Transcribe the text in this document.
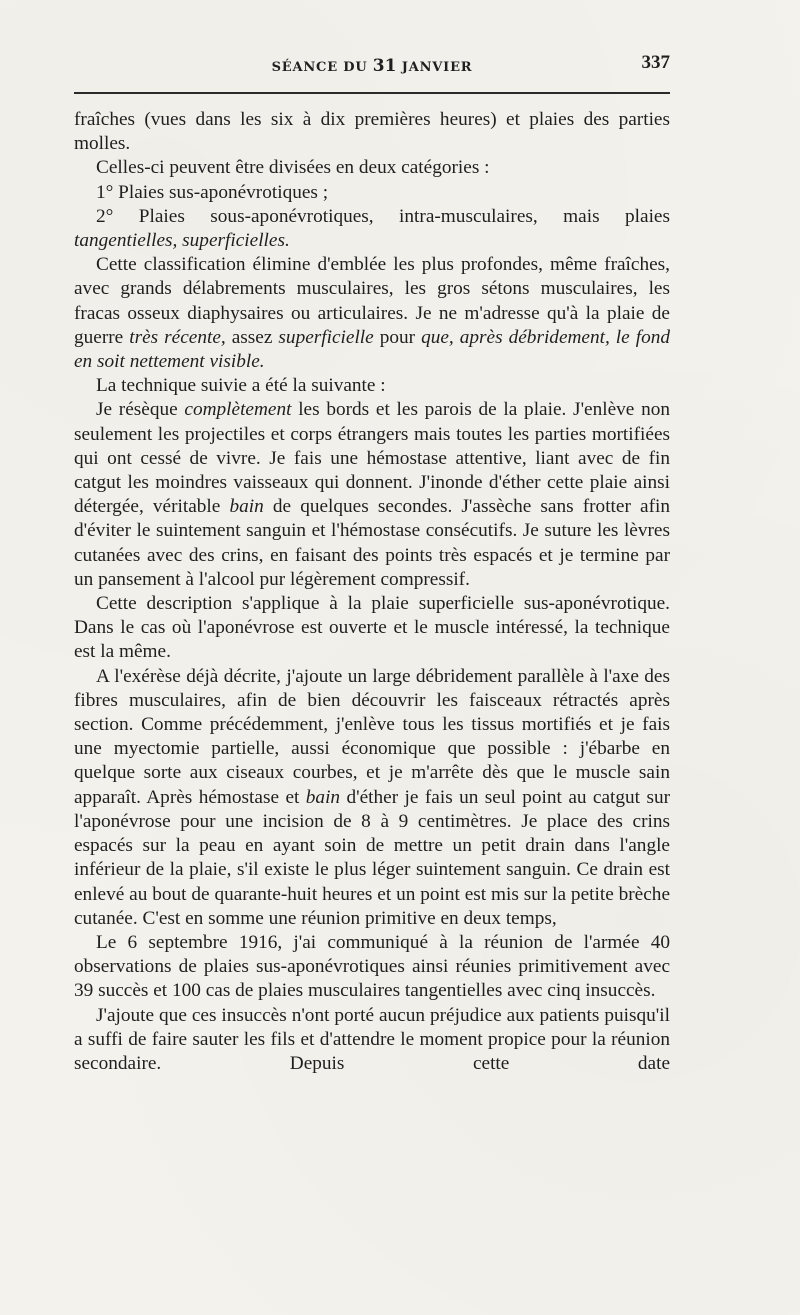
SÉANCE DU 31 JANVIER	337

fraîches (vues dans les six à dix premières heures) et plaies des parties molles.

Celles-ci peuvent être divisées en deux catégories :

1° Plaies sus-aponévrotiques ;

2° Plaies sous-aponévrotiques, intra-musculaires, mais plaies tangentielles, superficielles.

Cette classification élimine d'emblée les plus profondes, même fraîches, avec grands délabrements musculaires, les gros sétons musculaires, les fracas osseux diaphysaires ou articulaires. Je ne m'adresse qu'à la plaie de guerre très récente, assez superficielle pour que, après débridement, le fond en soit nettement visible.

La technique suivie a été la suivante :

Je résèque complètement les bords et les parois de la plaie. J'enlève non seulement les projectiles et corps étrangers mais toutes les parties mortifiées qui ont cessé de vivre. Je fais une hémostase attentive, liant avec de fin catgut les moindres vaisseaux qui donnent. J'inonde d'éther cette plaie ainsi détergée, véritable bain de quelques secondes. J'assèche sans frotter afin d'éviter le suintement sanguin et l'hémostase consécutifs. Je suture les lèvres cutanées avec des crins, en faisant des points très espacés et je termine par un pansement à l'alcool pur légèrement compressif.

Cette description s'applique à la plaie superficielle sus-aponévrotique. Dans le cas où l'aponévrose est ouverte et le muscle intéressé, la technique est la même.

A l'exérèse déjà décrite, j'ajoute un large débridement parallèle à l'axe des fibres musculaires, afin de bien découvrir les faisceaux rétractés après section. Comme précédemment, j'enlève tous les tissus mortifiés et je fais une myectomie partielle, aussi économique que possible : j'ébarbe en quelque sorte aux ciseaux courbes, et je m'arrête dès que le muscle sain apparaît. Après hémostase et bain d'éther je fais un seul point au catgut sur l'aponévrose pour une incision de 8 à 9 centimètres. Je place des crins espacés sur la peau en ayant soin de mettre un petit drain dans l'angle inférieur de la plaie, s'il existe le plus léger suintement sanguin. Ce drain est enlevé au bout de quarante-huit heures et un point est mis sur la petite brèche cutanée. C'est en somme une réunion primitive en deux temps,

Le 6 septembre 1916, j'ai communiqué à la réunion de l'armée 40 observations de plaies sus-aponévrotiques ainsi réunies primitivement avec 39 succès et 100 cas de plaies musculaires tangentielles avec cinq insuccès.

J'ajoute que ces insuccès n'ont porté aucun préjudice aux patients puisqu'il a suffi de faire sauter les fils et d'attendre le moment propice pour la réunion secondaire. Depuis cette date
